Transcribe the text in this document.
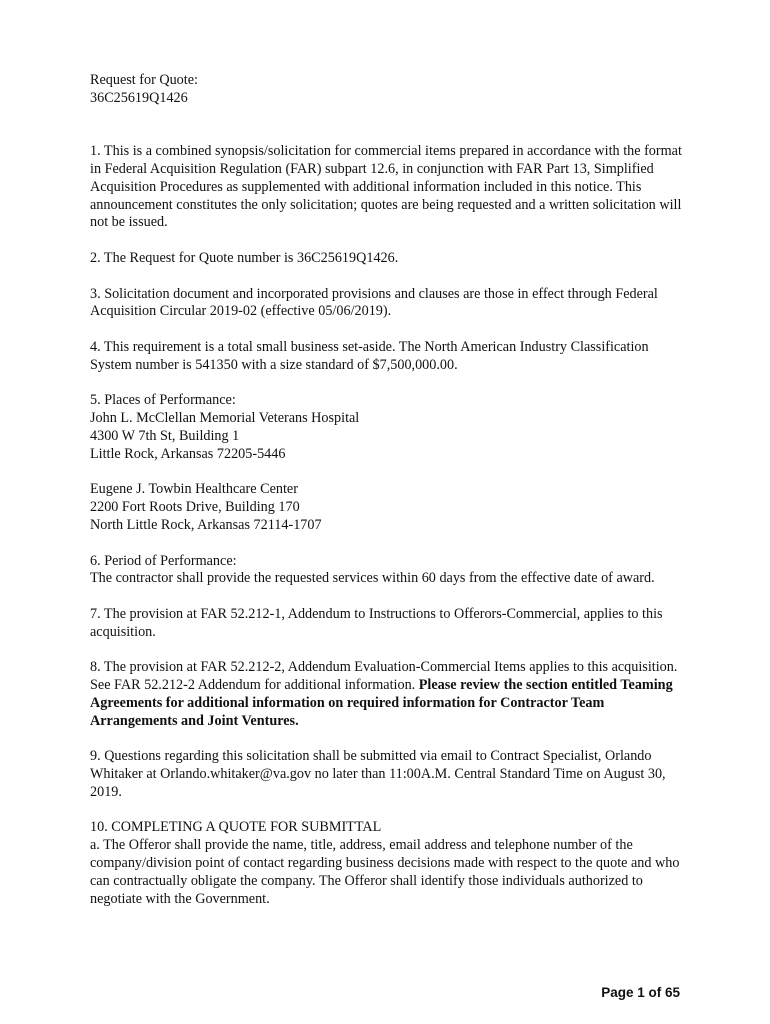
Request for Quote:

36C25619Q1426

1. This is a combined synopsis/solicitation for commercial items prepared in accordance with the format in Federal Acquisition Regulation (FAR) subpart 12.6, in conjunction with FAR Part 13, Simplified Acquisition Procedures as supplemented with additional information included in this notice. This announcement constitutes the only solicitation; quotes are being requested and a written solicitation will not be issued.

2. The Request for Quote number is 36C25619Q1426.

3. Solicitation document and incorporated provisions and clauses are those in effect through Federal Acquisition Circular 2019-02 (effective 05/06/2019).

4. This requirement is a total small business set-aside. The North American Industry Classification System number is 541350 with a size standard of $7,500,000.00.

5. Places of Performance:

John L. McClellan Memorial Veterans Hospital

4300 W 7th St, Building 1

Little Rock, Arkansas 72205-5446

Eugene J. Towbin Healthcare Center

2200 Fort Roots Drive, Building 170

North Little Rock, Arkansas 72114-1707

6. Period of Performance:

The contractor shall provide the requested services within 60 days from the effective date of award.

7. The provision at FAR 52.212-1, Addendum to Instructions to Offerors-Commercial, applies to this acquisition.

8. The provision at FAR 52.212-2, Addendum Evaluation-Commercial Items applies to this acquisition. See FAR 52.212-2 Addendum for additional information. Please review the section entitled Teaming Agreements for additional information on required information for Contractor Team Arrangements and Joint Ventures.

9. Questions regarding this solicitation shall be submitted via email to Contract Specialist, Orlando Whitaker at Orlando.whitaker@va.gov no later than 11:00A.M. Central Standard Time on August 30, 2019.

10. COMPLETING A QUOTE FOR SUBMITTAL

a. The Offeror shall provide the name, title, address, email address and telephone number of the company/division point of contact regarding business decisions made with respect to the quote and who can contractually obligate the company. The Offeror shall identify those individuals authorized to negotiate with the Government.

Page 1 of 65
